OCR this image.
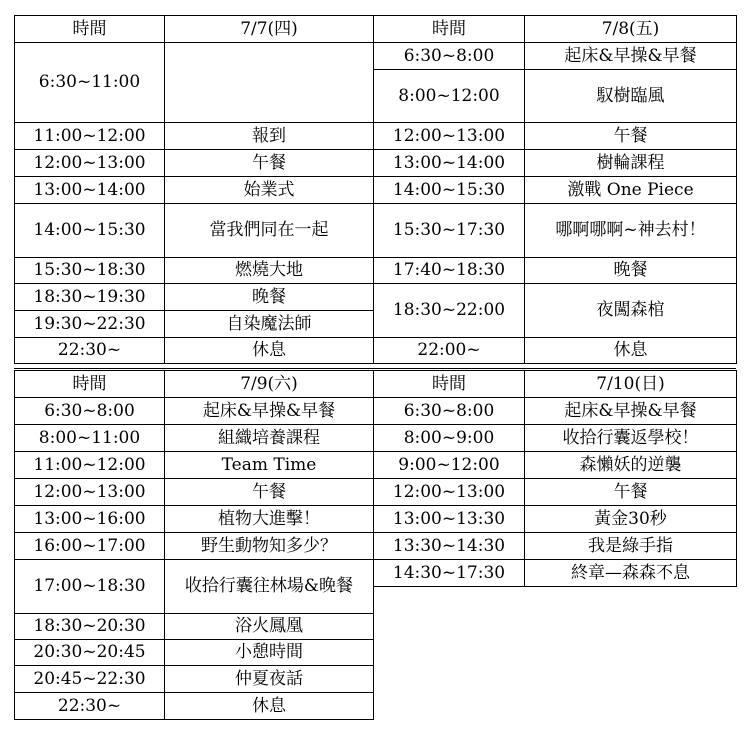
時間	7/7(四)
6:30~11:00
11:00~12:00	報到
12:00~13:00	午餐
13:00~14:00	始業式
14:00~15:30	當我們同在一起
15:30~18:30	燃燒大地
18:30~19:30	晚餐
19:30~22:30	自染魔法師
22:30~	休息
時間	7/8(五)
6:30~8:00	起床&早操&早餐
8:00~12:00	馭樹臨風
12:00~13:00	午餐
13:00~14:00	樹輪課程
14:00~15:30	激戰 One Piece
15:30~17:30	哪啊哪啊~神去村！
17:40~18:30	晚餐
18:30~22:00	夜闖森棺
22:00~	休息
時間	7/9(六)
6:30~8:00	起床&早操&早餐
8:00~11:00	組織培養課程
11:00~12:00	Team Time
12:00~13:00	午餐
13:00~16:00	植物大進擊！
16:00~17:00	野生動物知多少？
17:00~18:30	收拾行囊往林場&晚餐
18:30~20:30	浴火鳳凰
20:30~20:45	小憩時間
20:45~22:30	仲夏夜話
22:30~	休息
時間	7/10(日)
6:30~8:00	起床&早操&早餐
8:00~9:00	收拾行囊返學校！
9:00~12:00	森懶妖的逆襲
12:00~13:00	午餐
13:00~13:30	黃金30秒
13:30~14:30	我是綠手指
14:30~17:30	終章—森森不息
